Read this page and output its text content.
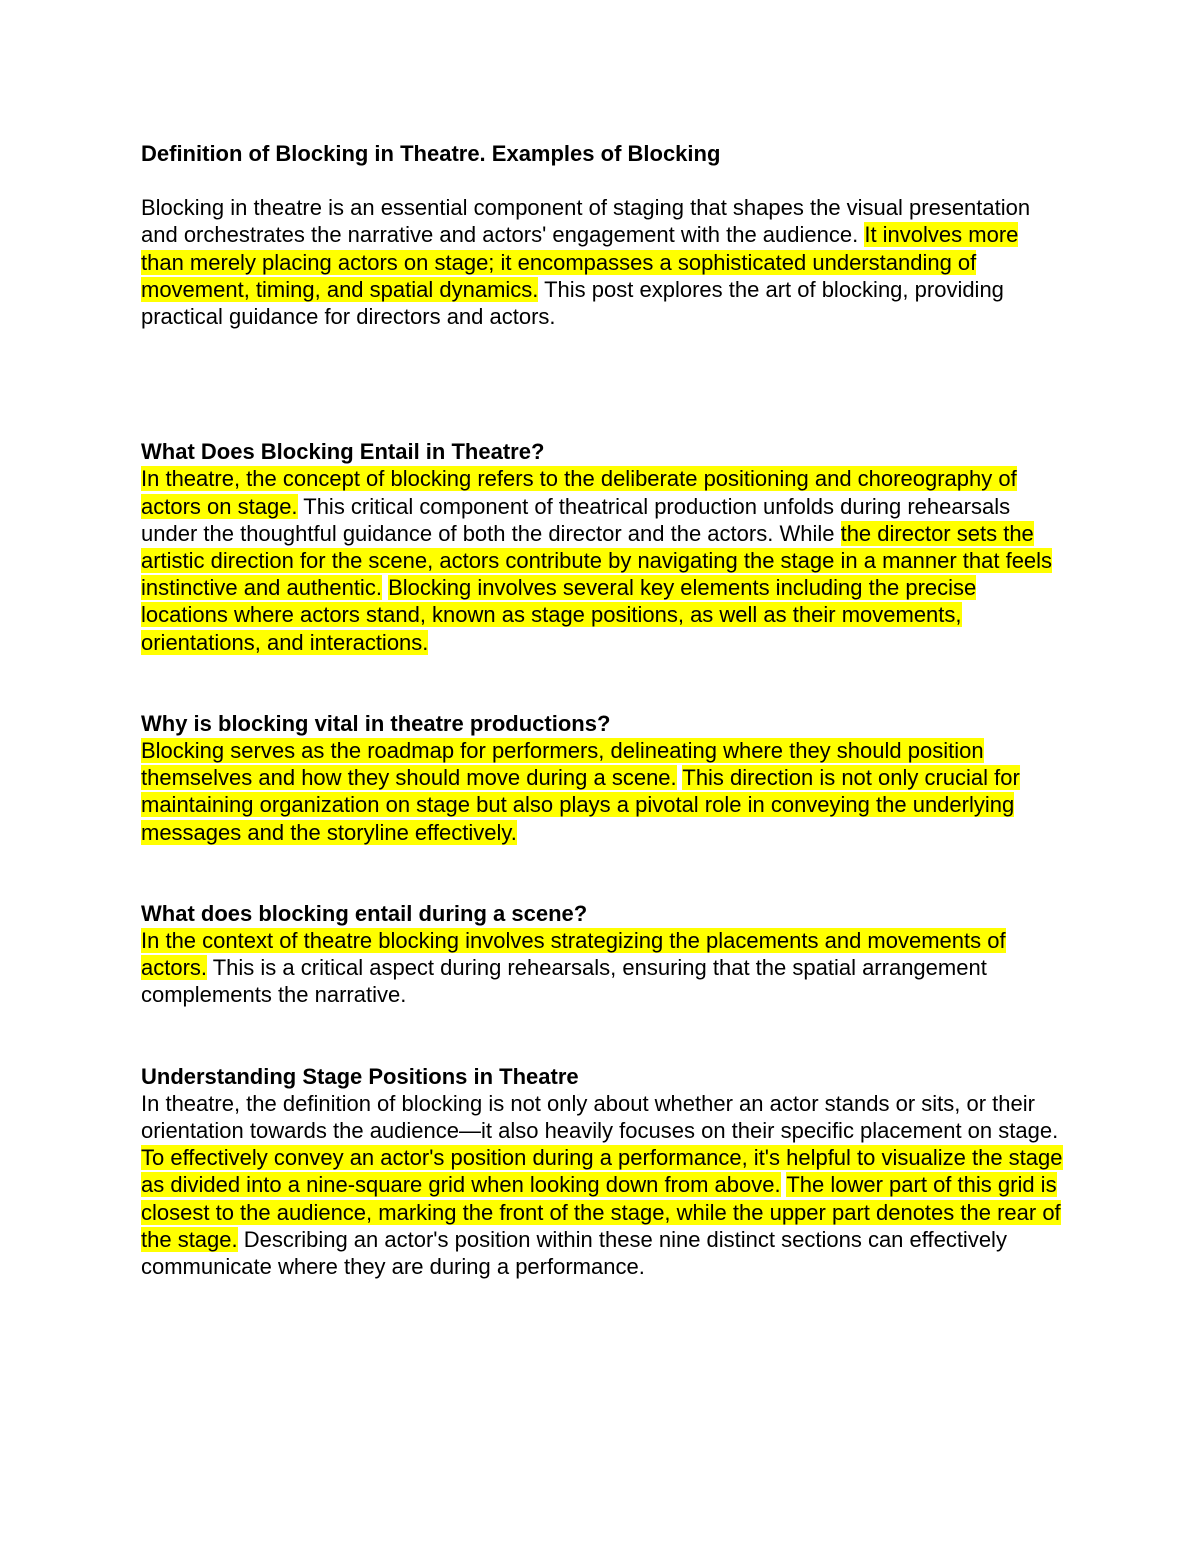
Definition of Blocking in Theatre. Examples of Blocking

Blocking in theatre is an essential component of staging that shapes the visual presentation and orchestrates the narrative and actors' engagement with the audience. It involves more than merely placing actors on stage; it encompasses a sophisticated understanding of movement, timing, and spatial dynamics. This post explores the art of blocking, providing practical guidance for directors and actors.

What Does Blocking Entail in Theatre?

In theatre, the concept of blocking refers to the deliberate positioning and choreography of actors on stage. This critical component of theatrical production unfolds during rehearsals under the thoughtful guidance of both the director and the actors. While the director sets the artistic direction for the scene, actors contribute by navigating the stage in a manner that feels instinctive and authentic. Blocking involves several key elements including the precise locations where actors stand, known as stage positions, as well as their movements, orientations, and interactions.

Why is blocking vital in theatre productions?

Blocking serves as the roadmap for performers, delineating where they should position themselves and how they should move during a scene. This direction is not only crucial for maintaining organization on stage but also plays a pivotal role in conveying the underlying messages and the storyline effectively.

What does blocking entail during a scene?

In the context of theatre blocking involves strategizing the placements and movements of actors. This is a critical aspect during rehearsals, ensuring that the spatial arrangement complements the narrative.

Understanding Stage Positions in Theatre

In theatre, the definition of blocking is not only about whether an actor stands or sits, or their orientation towards the audience—it also heavily focuses on their specific placement on stage. To effectively convey an actor's position during a performance, it's helpful to visualize the stage as divided into a nine-square grid when looking down from above. The lower part of this grid is closest to the audience, marking the front of the stage, while the upper part denotes the rear of the stage. Describing an actor's position within these nine distinct sections can effectively communicate where they are during a performance.
